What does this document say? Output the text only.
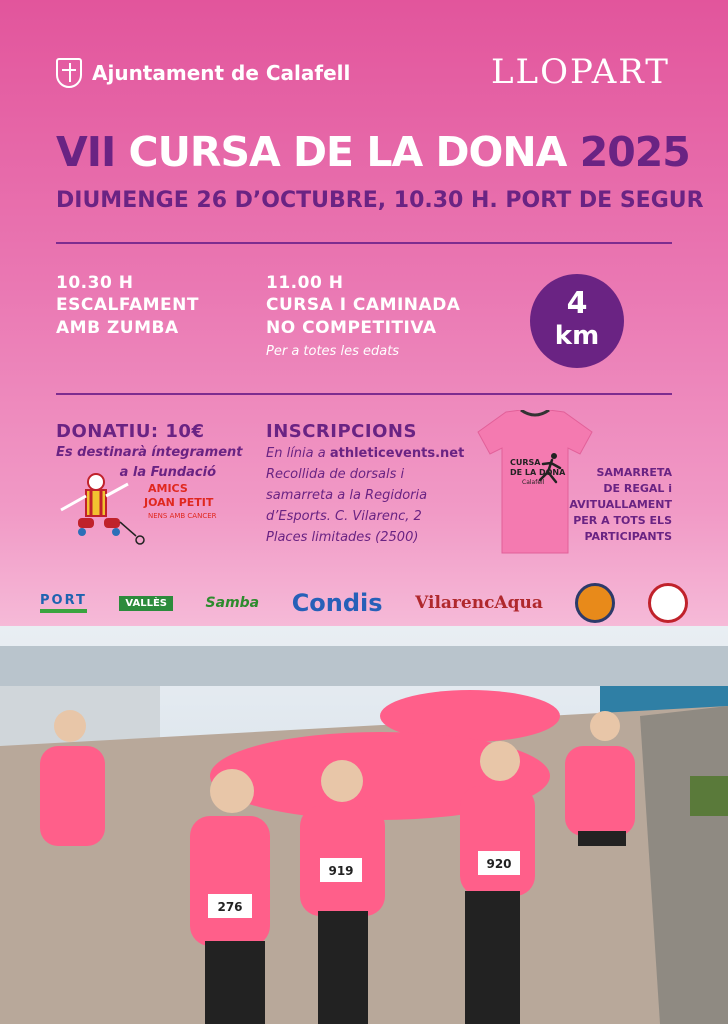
Ajuntament de Calafell	LLOPART
VII CURSA DE LA DONA 2025
DIUMENGE 26 D’OCTUBRE, 10.30 H. PORT DE SEGUR
10.30 H
ESCALFAMENT
AMB ZUMBA
11.00 H
CURSA I CAMINADA
NO COMPETITIVA
Per a totes les edats
4
km
DONATIU: 10€
Es destinarà íntegrament
a la Fundació
AMICS
JOAN PETIT
NENS AMB CANCER
INSCRIPCIONS
En línia a athleticevents.net
Recollida de dorsals i
samarreta a la Regidoria
d’Esports. C. Vilarenc, 2
Places limitades (2500)
CURSA
DE LA DONA
Calafell
SAMARRETA
DE REGAL i
AVITUALLAMENT
PER A TOTS ELS
PARTICIPANTS
PORT	VALLÈS	Samba Condis VilarencAqua
276
919	920
